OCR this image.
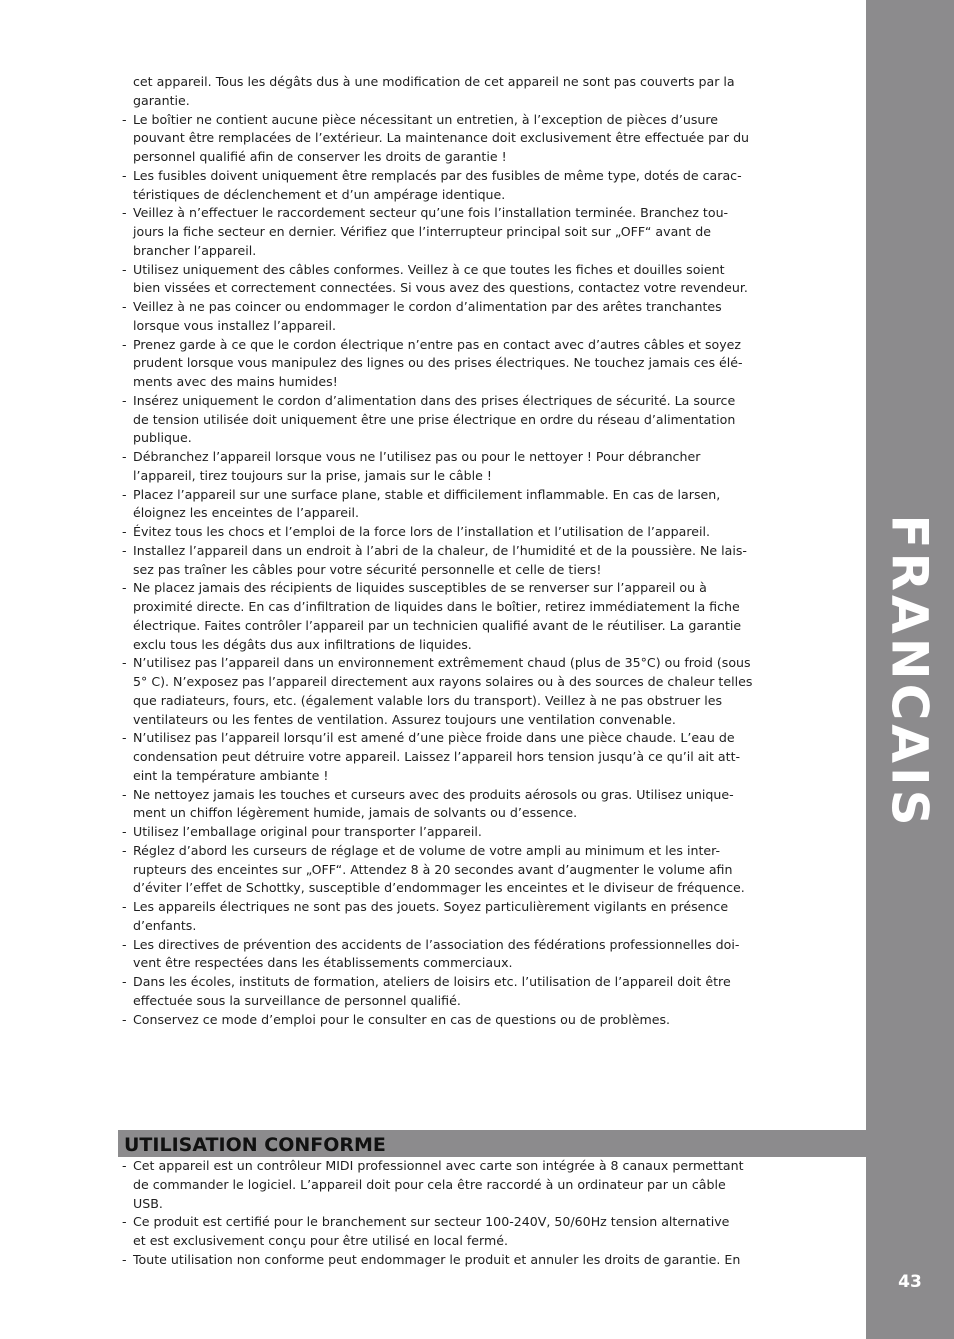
FRANCAIS
43
cet appareil. Tous les dégâts dus à une modification de cet appareil ne sont pas couverts par la
garantie.
- Le boîtier ne contient aucune pièce nécessitant un entretien, à l’exception de pièces d’usure
pouvant être remplacées de l’extérieur. La maintenance doit exclusivement être effectuée par du
personnel qualifié afin de conserver les droits de garantie !
- Les fusibles doivent uniquement être remplacés par des fusibles de même type, dotés de carac-
téristiques de déclenchement et d’un ampérage identique.
- Veillez à n’effectuer le raccordement secteur qu’une fois l’installation terminée. Branchez tou-
jours la fiche secteur en dernier. Vérifiez que l’interrupteur principal soit sur „OFF“ avant de
brancher l’appareil.
- Utilisez uniquement des câbles conformes. Veillez à ce que toutes les fiches et douilles soient
bien vissées et correctement connectées. Si vous avez des questions, contactez votre revendeur.
- Veillez à ne pas coincer ou endommager le cordon d’alimentation par des arêtes tranchantes
lorsque vous installez l’appareil.
- Prenez garde à ce que le cordon électrique n’entre pas en contact avec d’autres câbles et soyez
prudent lorsque vous manipulez des lignes ou des prises électriques. Ne touchez jamais ces élé-
ments avec des mains humides!
- Insérez uniquement le cordon d’alimentation dans des prises électriques de sécurité. La source
de tension utilisée doit uniquement être une prise électrique en ordre du réseau d’alimentation
publique.
- Débranchez l’appareil lorsque vous ne l’utilisez pas ou pour le nettoyer ! Pour débrancher
l’appareil, tirez toujours sur la prise, jamais sur le câble !
- Placez l’appareil sur une surface plane, stable et difficilement inflammable. En cas de larsen,
éloignez les enceintes de l’appareil.
- Évitez tous les chocs et l’emploi de la force lors de l’installation et l’utilisation de l’appareil.
- Installez l’appareil dans un endroit à l’abri de la chaleur, de l’humidité et de la poussière. Ne lais-
sez pas traîner les câbles pour votre sécurité personnelle et celle de tiers!
- Ne placez jamais des récipients de liquides susceptibles de se renverser sur l’appareil ou à
proximité directe. En cas d’infiltration de liquides dans le boîtier, retirez immédiatement la fiche
électrique. Faites contrôler l’appareil par un technicien qualifié avant de le réutiliser. La garantie
exclu tous les dégâts dus aux infiltrations de liquides.
- N’utilisez pas l’appareil dans un environnement extrêmement chaud (plus de 35°C) ou froid (sous
5° C). N’exposez pas l’appareil directement aux rayons solaires ou à des sources de chaleur telles
que radiateurs, fours, etc. (également valable lors du transport). Veillez à ne pas obstruer les
ventilateurs ou les fentes de ventilation. Assurez toujours une ventilation convenable.
- N’utilisez pas l’appareil lorsqu’il est amené d’une pièce froide dans une pièce chaude. L’eau de
condensation peut détruire votre appareil. Laissez l’appareil hors tension jusqu’à ce qu’il ait att-
eint la température ambiante !
- Ne nettoyez jamais les touches et curseurs avec des produits aérosols ou gras. Utilisez unique-
ment un chiffon légèrement humide, jamais de solvants ou d’essence.
- Utilisez l’emballage original pour transporter l’appareil.
- Réglez d’abord les curseurs de réglage et de volume de votre ampli au minimum et les inter-
rupteurs des enceintes sur „OFF“. Attendez 8 à 20 secondes avant d’augmenter le volume afin
d’éviter l’effet de Schottky, susceptible d’endommager les enceintes et le diviseur de fréquence.
- Les appareils électriques ne sont pas des jouets. Soyez particulièrement vigilants en présence
d’enfants.
- Les directives de prévention des accidents de l’association des fédérations professionnelles doi-
vent être respectées dans les établissements commerciaux.
- Dans les écoles, instituts de formation, ateliers de loisirs etc. l’utilisation de l’appareil doit être
effectuée sous la surveillance de personnel qualifié.
- Conservez ce mode d’emploi pour le consulter en cas de questions ou de problèmes.
UTILISATION CONFORME
- Cet appareil est un contrôleur MIDI professionnel avec carte son intégrée à 8 canaux permettant
de commander le logiciel. L’appareil doit pour cela être raccordé à un ordinateur par un câble
USB.
- Ce produit est certifié pour le branchement sur secteur 100-240V, 50/60Hz tension alternative
et est exclusivement conçu pour être utilisé en local fermé.
- Toute utilisation non conforme peut endommager le produit et annuler les droits de garantie. En
